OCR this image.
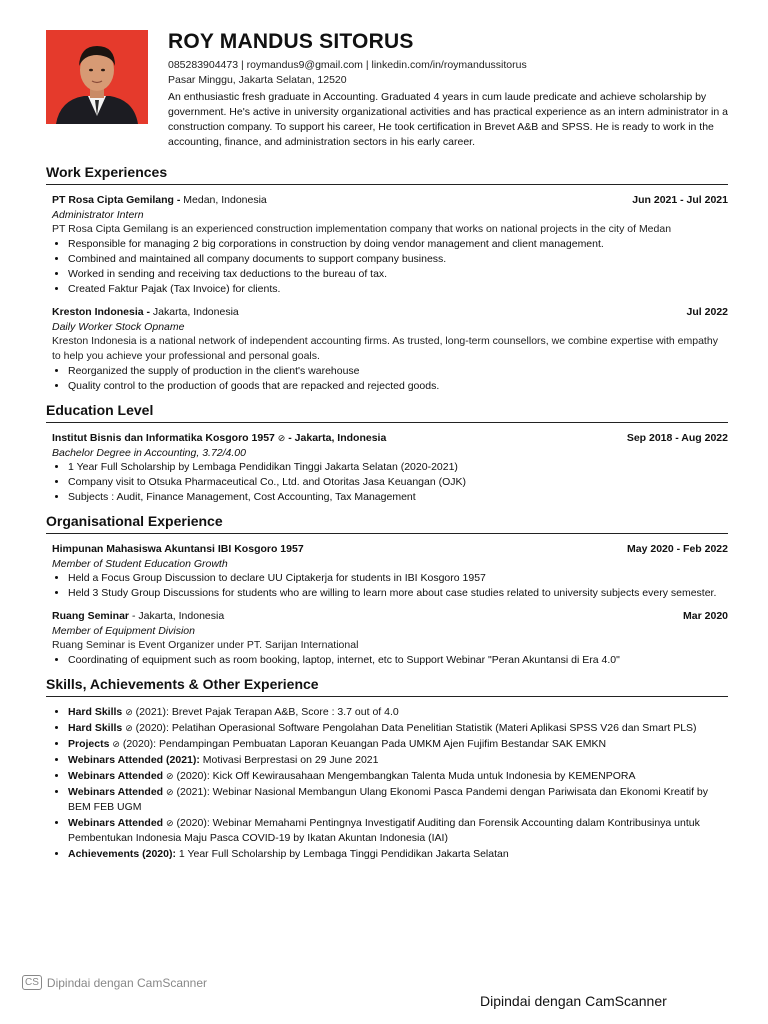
ROY MANDUS SITORUS
085283904473 | roymandus9@gmail.com | linkedin.com/in/roymandussitorus
Pasar Minggu, Jakarta Selatan, 12520
An enthusiastic fresh graduate in Accounting. Graduated 4 years in cum laude predicate and achieve scholarship by government. He's active in university organizational activities and has practical experience as an intern administrator in a construction company. To support his career, He took certification in Brevet A&B and SPSS. He is ready to work in the accounting, finance, and administration sectors in his early career.
Work Experiences
PT Rosa Cipta Gemilang - Medan, Indonesia	Jun 2021 - Jul 2021
Administrator Intern
PT Rosa Cipta Gemilang is an experienced construction implementation company that works on national projects in the city of Medan
• Responsible for managing 2 big corporations in construction by doing vendor management and client management.
• Combined and maintained all company documents to support company business.
• Worked in sending and receiving tax deductions to the bureau of tax.
• Created Faktur Pajak (Tax Invoice) for clients.
Kreston Indonesia - Jakarta, Indonesia	Jul 2022
Daily Worker Stock Opname
Kreston Indonesia is a national network of independent accounting firms. As trusted, long-term counsellors, we combine expertise with empathy to help you achieve your professional and personal goals.
• Reorganized the supply of production in the client's warehouse
• Quality control to the production of goods that are repacked and rejected goods.
Education Level
Institut Bisnis dan Informatika Kosgoro 1957 ⊘ - Jakarta, Indonesia	Sep 2018 - Aug 2022
Bachelor Degree in Accounting, 3.72/4.00
• 1 Year Full Scholarship by Lembaga Pendidikan Tinggi Jakarta Selatan (2020-2021)
• Company visit to Otsuka Pharmaceutical Co., Ltd. and Otoritas Jasa Keuangan (OJK)
• Subjects : Audit, Finance Management, Cost Accounting, Tax Management
Organisational Experience
Himpunan Mahasiswa Akuntansi IBI Kosgoro 1957	May 2020 - Feb 2022
Member of Student Education Growth
• Held a Focus Group Discussion to declare UU Ciptakerja for students in IBI Kosgoro 1957
• Held 3 Study Group Discussions for students who are willing to learn more about case studies related to university subjects every semester.
Ruang Seminar - Jakarta, Indonesia	Mar 2020
Member of Equipment Division
Ruang Seminar is Event Organizer under PT. Sarijan International
• Coordinating of equipment such as room booking, laptop, internet, etc to Support Webinar "Peran Akuntansi di Era 4.0"
Skills, Achievements & Other Experience
• Hard Skills ⊘ (2021): Brevet Pajak Terapan A&B, Score : 3.7 out of 4.0
• Hard Skills ⊘ (2020): Pelatihan Operasional Software Pengolahan Data Penelitian Statistik (Materi Aplikasi SPSS V26 dan Smart PLS)
• Projects ⊘ (2020): Pendampingan Pembuatan Laporan Keuangan Pada UMKM Ajen Fujifim Bestandar SAK EMKN
• Webinars Attended (2021): Motivasi Berprestasi on 29 June 2021
• Webinars Attended ⊘ (2020): Kick Off Kewirausahaan Mengembangkan Talenta Muda untuk Indonesia by KEMENPORA
• Webinars Attended ⊘ (2021): Webinar Nasional Membangun Ulang Ekonomi Pasca Pandemi dengan Pariwisata dan Ekonomi Kreatif by BEM FEB UGM
• Webinars Attended ⊘ (2020): Webinar Memahami Pentingnya Investigatif Auditing dan Forensik Accounting dalam Kontribusinya untuk Pembentukan Indonesia Maju Pasca COVID-19 by Ikatan Akuntan Indonesia (IAI)
• Achievements (2020): 1 Year Full Scholarship by Lembaga Tinggi Pendidikan Jakarta Selatan
CS Dipindai dengan CamScanner
Dipindai dengan CamScanner
